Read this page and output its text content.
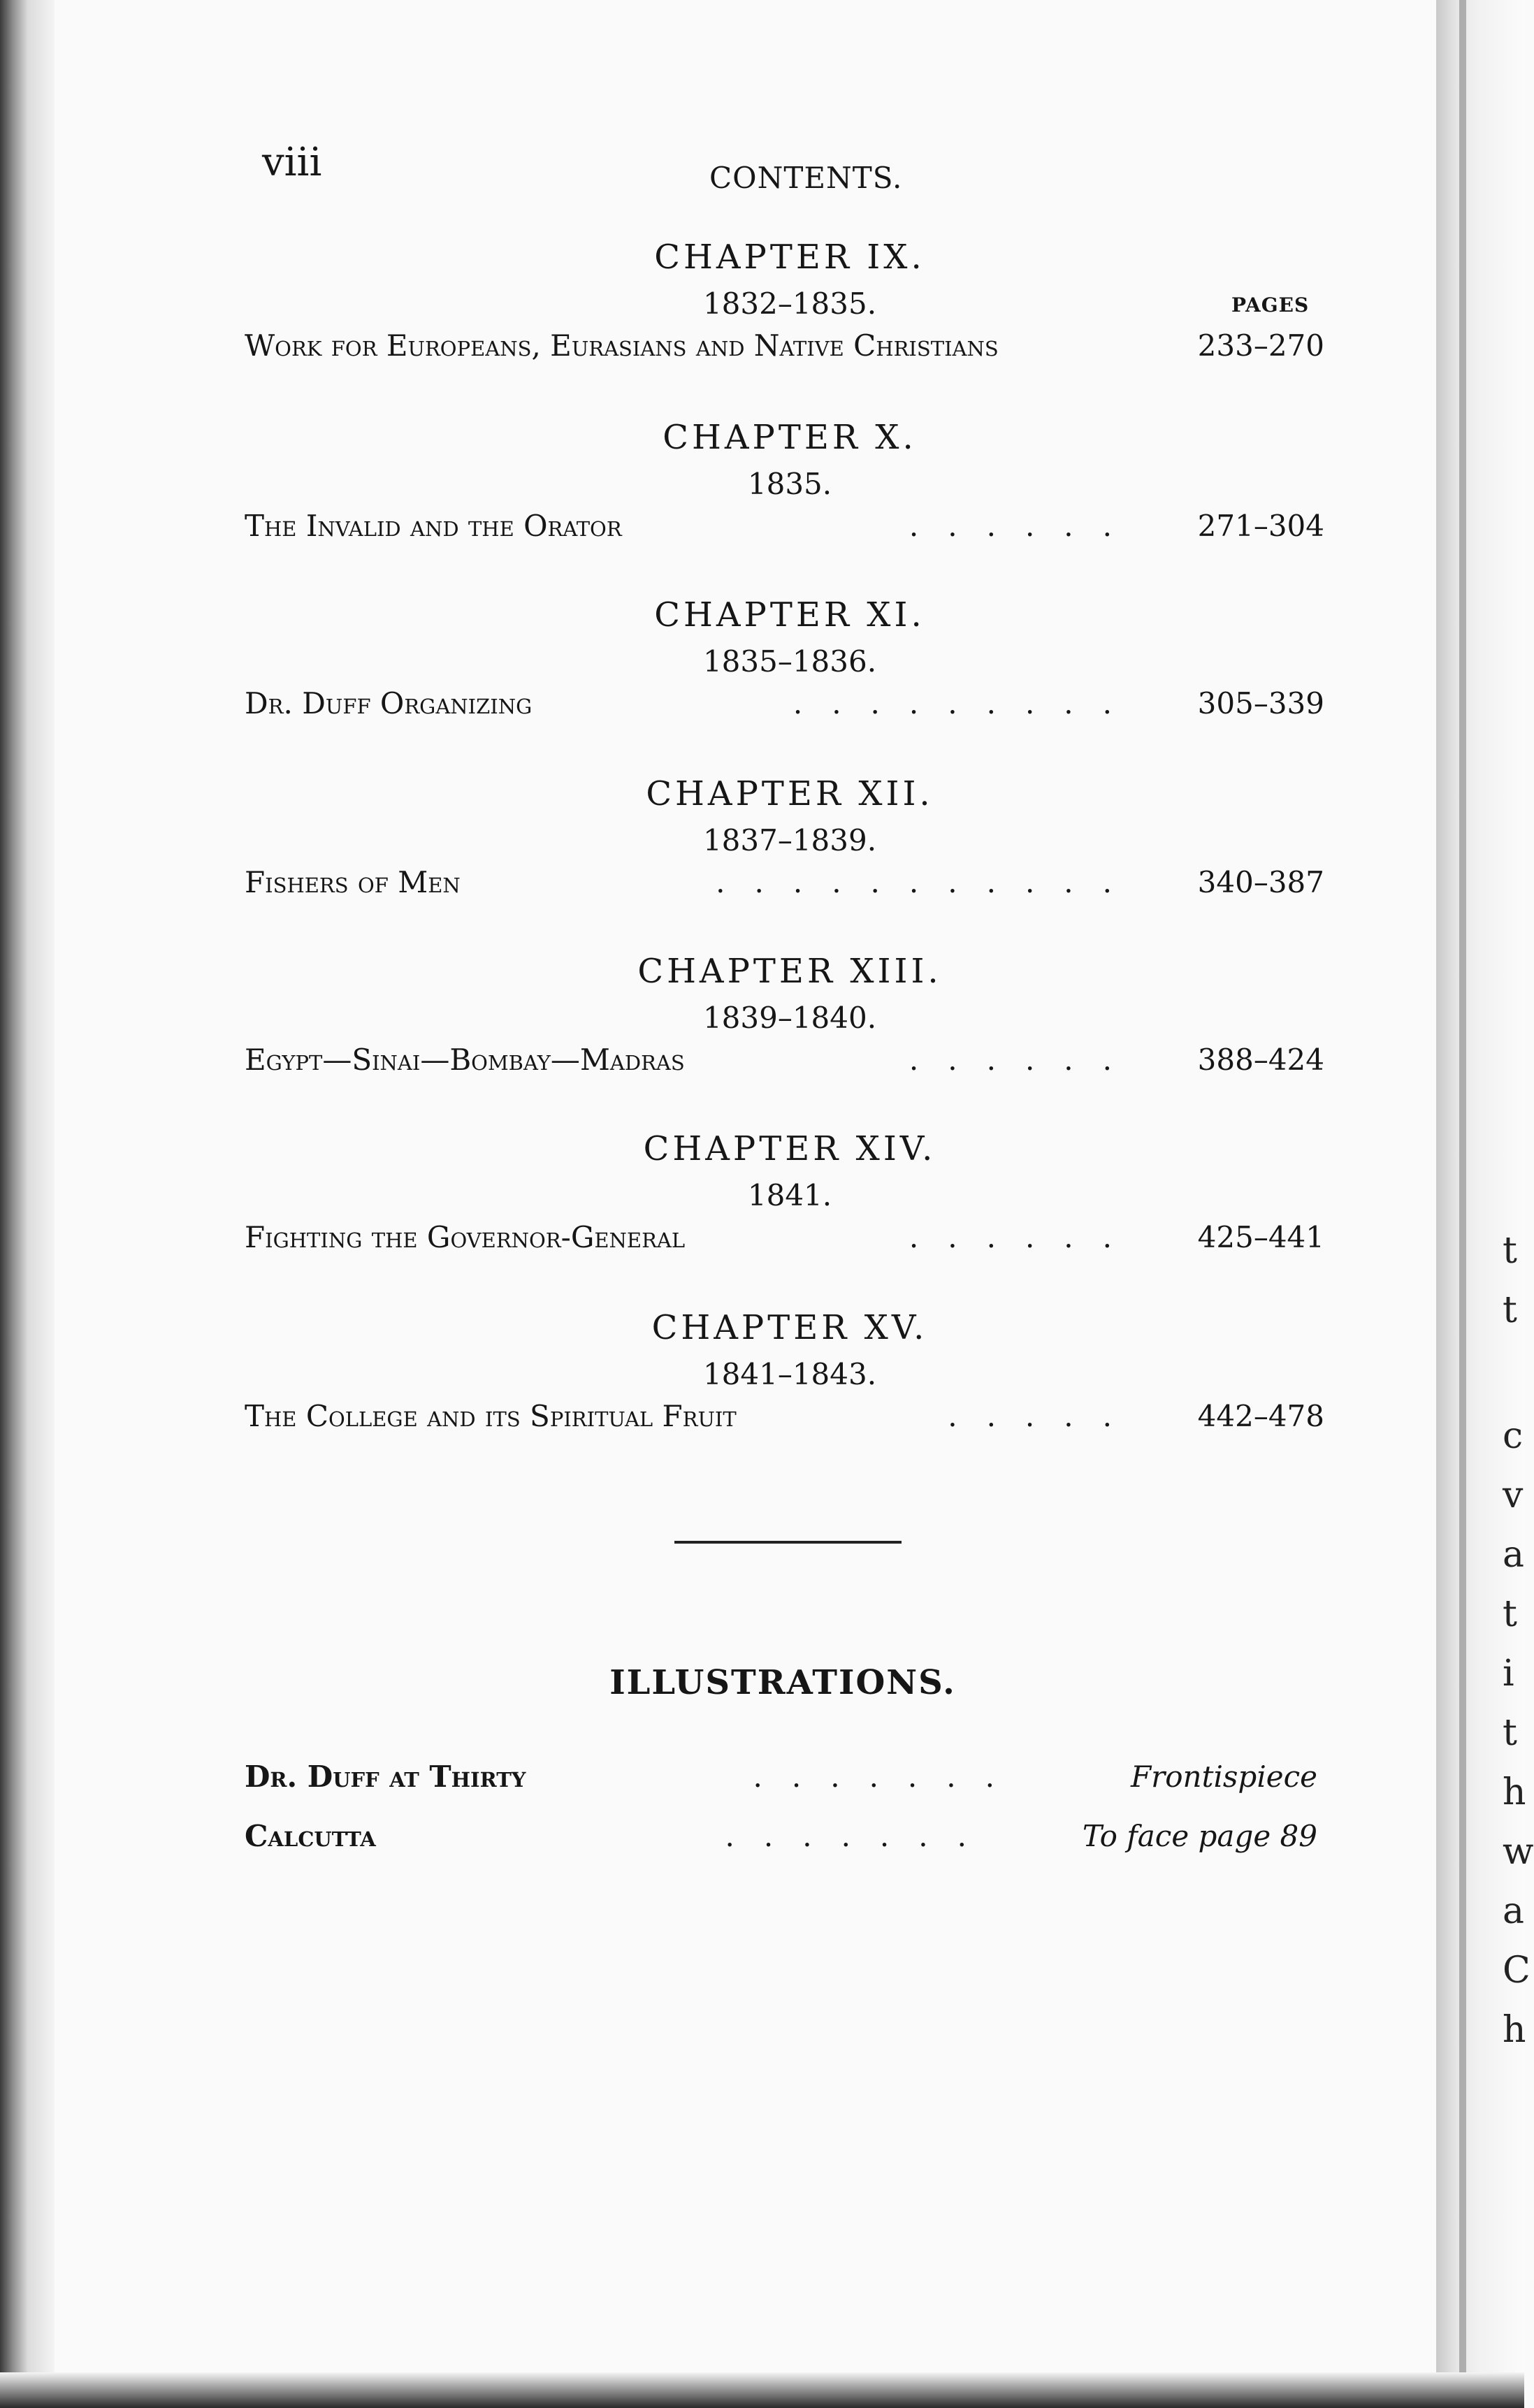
viii	CONTENTS.
PAGES
CHAPTER IX.
1832–1835.
Work for Europeans, Eurasians and Native Christians	233–270
CHAPTER X.
1835.
......
The Invalid and the Orator	271–304
CHAPTER XI.
1835–1836.
.........
Dr. Duff Organizing	305–339
CHAPTER XII.
1837–1839.
...........
Fishers of Men	340–387
CHAPTER XIII.
1839–1840.
......
Egypt—Sinai—Bombay—Madras	388–424
CHAPTER XIV.
1841.
......
Fighting the Governor-General	425–441
CHAPTER XV.
1841–1843.
.....
The College and its Spiritual Fruit	442–478
ILLUSTRATIONS.
.......
Dr. Duff at Thirty	Frontispiece
.......
Calcutta	To face page 89
t
t
c
v
a
t
i
t
h
w
a
C
h
